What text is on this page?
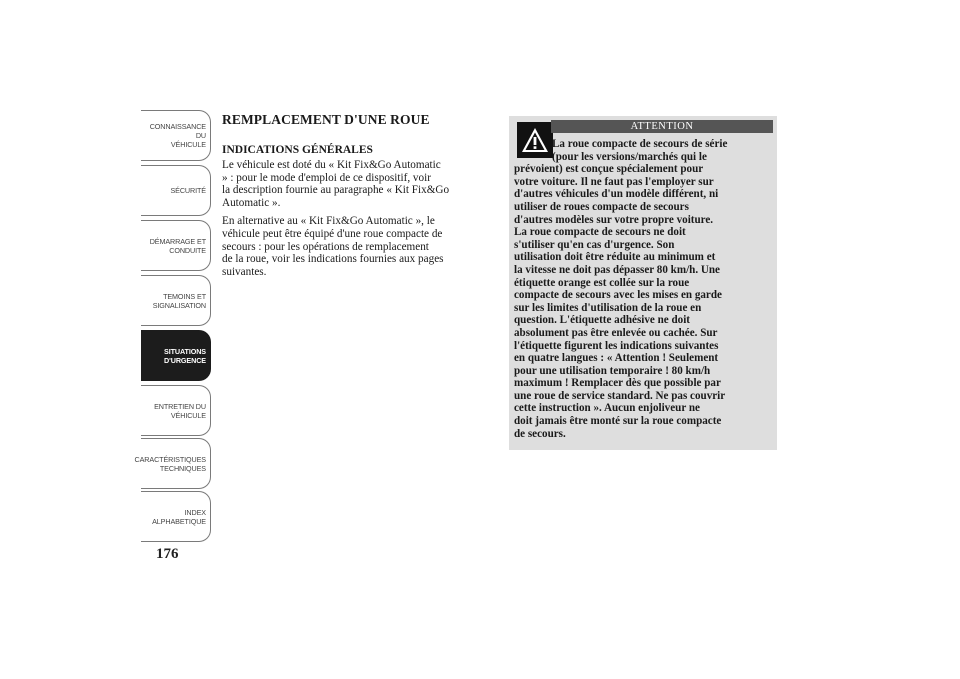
CONNAISSANCE DU
VÉHICULE
SÉCURITÉ
DÉMARRAGE ET
CONDUITE
TEMOINS ET
SIGNALISATION
SITUATIONS
D'URGENCE
ENTRETIEN DU
VÉHICULE
CARACTÉRISTIQUES
TECHNIQUES
INDEX
ALPHABETIQUE
176
REMPLACEMENT D'UNE ROUE
INDICATIONS GÉNÉRALES

Le véhicule est doté du « Kit Fix&Go Automatic
» : pour le mode d'emploi de ce dispositif, voir
la description fournie au paragraphe « Kit Fix&Go
Automatic ».

En alternative au « Kit Fix&Go Automatic », le
véhicule peut être équipé d'une roue compacte de
secours : pour les opérations de remplacement
de la roue, voir les indications fournies aux pages
suivantes.

ATTENTION
La roue compacte de secours de série
(pour les versions/marchés qui le
prévoient) est conçue spécialement pour
votre voiture. Il ne faut pas l'employer sur
d'autres véhicules d'un modèle différent, ni
utiliser de roues compacte de secours
d'autres modèles sur votre propre voiture.
La roue compacte de secours ne doit
s'utiliser qu'en cas d'urgence. Son
utilisation doit être réduite au minimum et
la vitesse ne doit pas dépasser 80 km/h. Une
étiquette orange est collée sur la roue
compacte de secours avec les mises en garde
sur les limites d'utilisation de la roue en
question. L'étiquette adhésive ne doit
absolument pas être enlevée ou cachée. Sur
l'étiquette figurent les indications suivantes
en quatre langues : « Attention ! Seulement
pour une utilisation temporaire ! 80 km/h
maximum ! Remplacer dès que possible par
une roue de service standard. Ne pas couvrir
cette instruction ». Aucun enjoliveur ne
doit jamais être monté sur la roue compacte
de secours.
